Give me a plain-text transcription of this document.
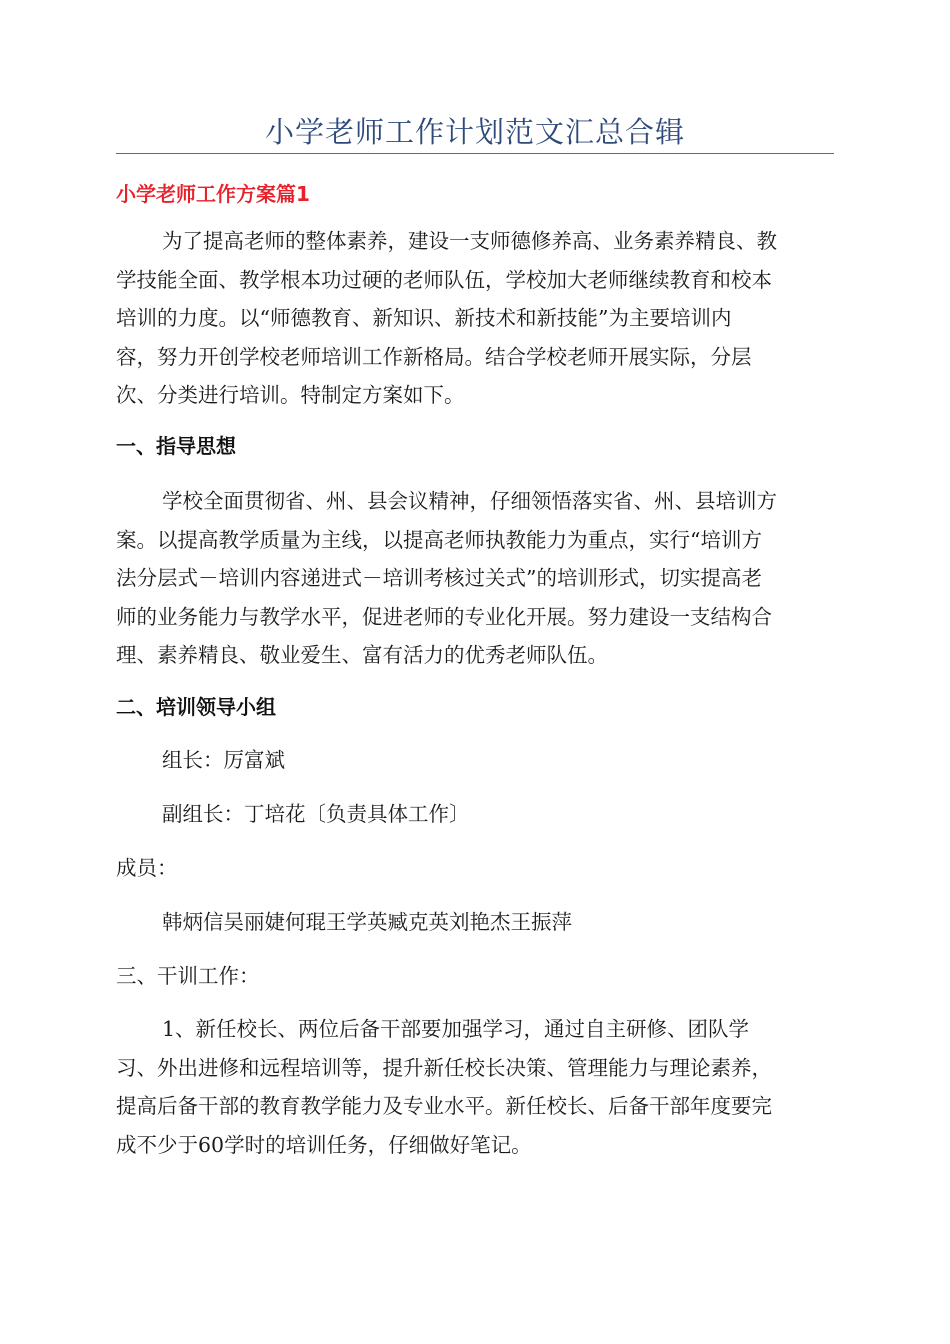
小学老师工作计划范文汇总合辑
小学老师工作方案篇1
为了提高老师的整体素养，建设一支师德修养高、业务素养精良、教
学技能全面、教学根本功过硬的老师队伍，学校加大老师继续教育和校本
培训的力度。以“师德教育、新知识、新技术和新技能”为主要培训内
容，努力开创学校老师培训工作新格局。结合学校老师开展实际，分层
次、分类进行培训。特制定方案如下。
一、指导思想
学校全面贯彻省、州、县会议精神，仔细领悟落实省、州、县培训方
案。以提高教学质量为主线，以提高老师执教能力为重点，实行“培训方
法分层式－培训内容递进式－培训考核过关式”的培训形式，切实提高老
师的业务能力与教学水平，促进老师的专业化开展。努力建设一支结构合
理、素养精良、敬业爱生、富有活力的优秀老师队伍。
二、培训领导小组
组长：厉富斌
副组长：丁培花〔负责具体工作〕
成员：
韩炳信吴丽婕何琨王学英臧克英刘艳杰王振萍
三、干训工作：
1、新任校长、两位后备干部要加强学习，通过自主研修、团队学
习、外出进修和远程培训等，提升新任校长决策、管理能力与理论素养，
提高后备干部的教育教学能力及专业水平。新任校长、后备干部年度要完
成不少于60学时的培训任务，仔细做好笔记。
